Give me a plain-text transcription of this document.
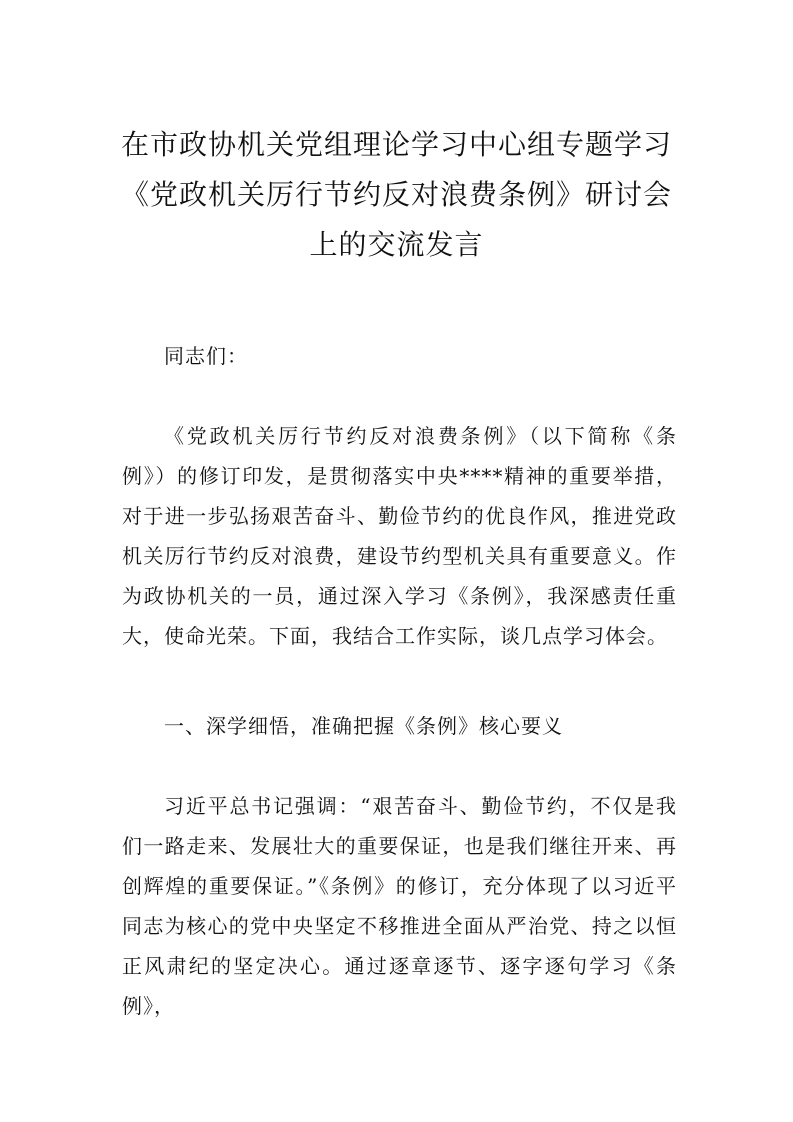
在市政协机关党组理论学习中心组专题学习《党政机关厉行节约反对浪费条例》研讨会上的交流发言

同志们：

《党政机关厉行节约反对浪费条例》（以下简称《条例》）的修订印发，是贯彻落实中央****精神的重要举措，对于进一步弘扬艰苦奋斗、勤俭节约的优良作风，推进党政机关厉行节约反对浪费，建设节约型机关具有重要意义。作为政协机关的一员，通过深入学习《条例》，我深感责任重大，使命光荣。下面，我结合工作实际，谈几点学习体会。

一、深学细悟，准确把握《条例》核心要义

习近平总书记强调：“艰苦奋斗、勤俭节约，不仅是我们一路走来、发展壮大的重要保证，也是我们继往开来、再创辉煌的重要保证。”《条例》的修订，充分体现了以习近平同志为核心的党中央坚定不移推进全面从严治党、持之以恒正风肃纪的坚定决心。通过逐章逐节、逐字逐句学习《条例》，
